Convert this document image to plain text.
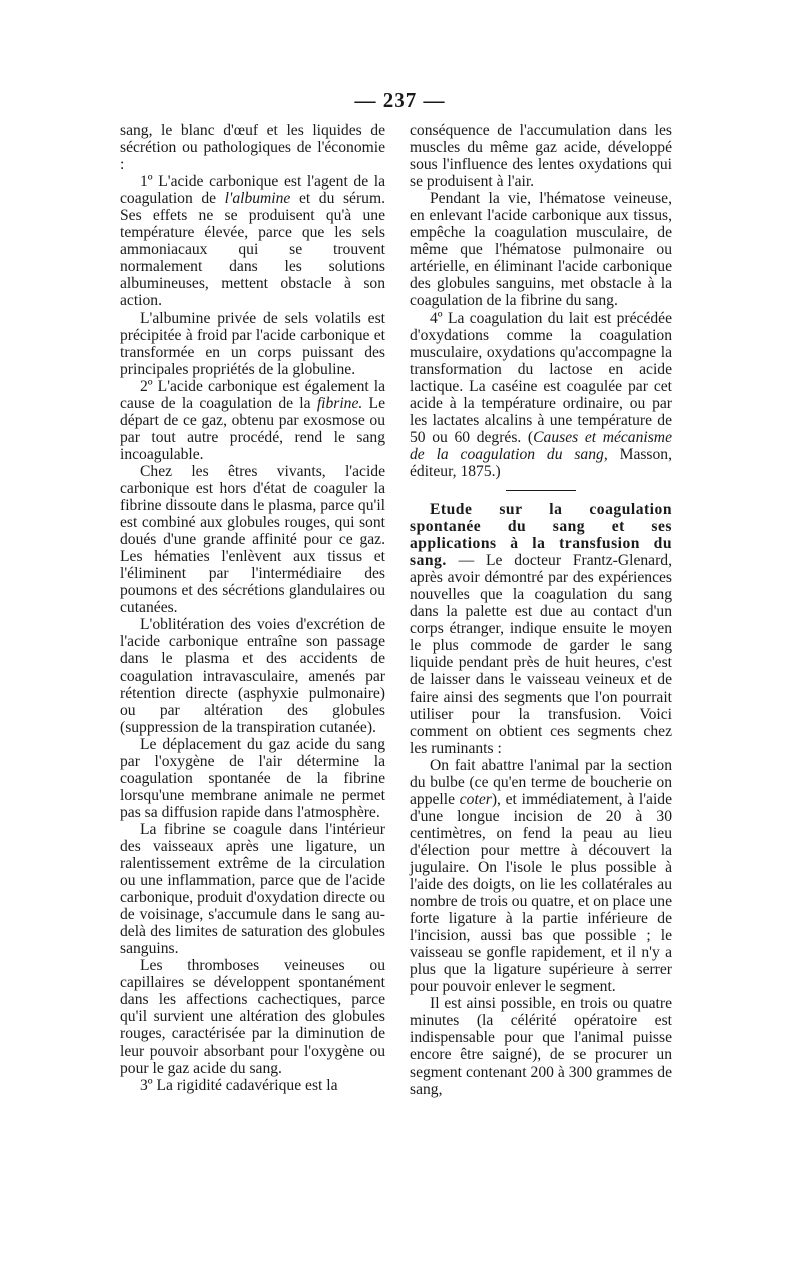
— 237 —

sang, le blanc d'œuf et les liquides de sécrétion ou pathologiques de l'économie :

1º L'acide carbonique est l'agent de la coagulation de l'albumine et du sérum. Ses effets ne se produisent qu'à une température élevée, parce que les sels ammoniacaux qui se trouvent normalement dans les solutions albumineuses, mettent obstacle à son action.

L'albumine privée de sels volatils est précipitée à froid par l'acide carbonique et transformée en un corps puissant des principales propriétés de la globuline.

2º L'acide carbonique est également la cause de la coagulation de la fibrine. Le départ de ce gaz, obtenu par exosmose ou par tout autre procédé, rend le sang incoagulable.

Chez les êtres vivants, l'acide carbonique est hors d'état de coaguler la fibrine dissoute dans le plasma, parce qu'il est combiné aux globules rouges, qui sont doués d'une grande affinité pour ce gaz. Les hématies l'enlèvent aux tissus et l'éliminent par l'intermédiaire des poumons et des sécrétions glandulaires ou cutanées.

L'oblitération des voies d'excrétion de l'acide carbonique entraîne son passage dans le plasma et des accidents de coagulation intravasculaire, amenés par rétention directe (asphyxie pulmonaire) ou par altération des globules (suppression de la transpiration cutanée).

Le déplacement du gaz acide du sang par l'oxygène de l'air détermine la coagulation spontanée de la fibrine lorsqu'une membrane animale ne permet pas sa diffusion rapide dans l'atmosphère.

La fibrine se coagule dans l'intérieur des vaisseaux après une ligature, un ralentissement extrême de la circulation ou une inflammation, parce que de l'acide carbonique, produit d'oxydation directe ou de voisinage, s'accumule dans le sang au-delà des limites de saturation des globules sanguins.

Les thromboses veineuses ou capillaires se développent spontanément dans les affections cachectiques, parce qu'il survient une altération des globules rouges, caractérisée par la diminution de leur pouvoir absorbant pour l'oxygène ou pour le gaz acide du sang.

3º La rigidité cadavérique est la

conséquence de l'accumulation dans les muscles du même gaz acide, développé sous l'influence des lentes oxydations qui se produisent à l'air.

Pendant la vie, l'hématose veineuse, en enlevant l'acide carbonique aux tissus, empêche la coagulation musculaire, de même que l'hématose pulmonaire ou artérielle, en éliminant l'acide carbonique des globules sanguins, met obstacle à la coagulation de la fibrine du sang.

4º La coagulation du lait est précédée d'oxydations comme la coagulation musculaire, oxydations qu'accompagne la transformation du lactose en acide lactique. La caséine est coagulée par cet acide à la température ordinaire, ou par les lactates alcalins à une température de 50 ou 60 degrés. (Causes et mécanisme de la coagulation du sang, Masson, éditeur, 1875.)

Etude sur la coagulation spontanée du sang et ses applications à la transfusion du sang. — Le docteur Frantz-Glenard, après avoir démontré par des expériences nouvelles que la coagulation du sang dans la palette est due au contact d'un corps étranger, indique ensuite le moyen le plus commode de garder le sang liquide pendant près de huit heures, c'est de laisser dans le vaisseau veineux et de faire ainsi des segments que l'on pourrait utiliser pour la transfusion. Voici comment on obtient ces segments chez les ruminants :

On fait abattre l'animal par la section du bulbe (ce qu'en terme de boucherie on appelle coter), et immédiatement, à l'aide d'une longue incision de 20 à 30 centimètres, on fend la peau au lieu d'élection pour mettre à découvert la jugulaire. On l'isole le plus possible à l'aide des doigts, on lie les collatérales au nombre de trois ou quatre, et on place une forte ligature à la partie inférieure de l'incision, aussi bas que possible ; le vaisseau se gonfle rapidement, et il n'y a plus que la ligature supérieure à serrer pour pouvoir enlever le segment.

Il est ainsi possible, en trois ou quatre minutes (la célérité opératoire est indispensable pour que l'animal puisse encore être saigné), de se procurer un segment contenant 200 à 300 grammes de sang,
